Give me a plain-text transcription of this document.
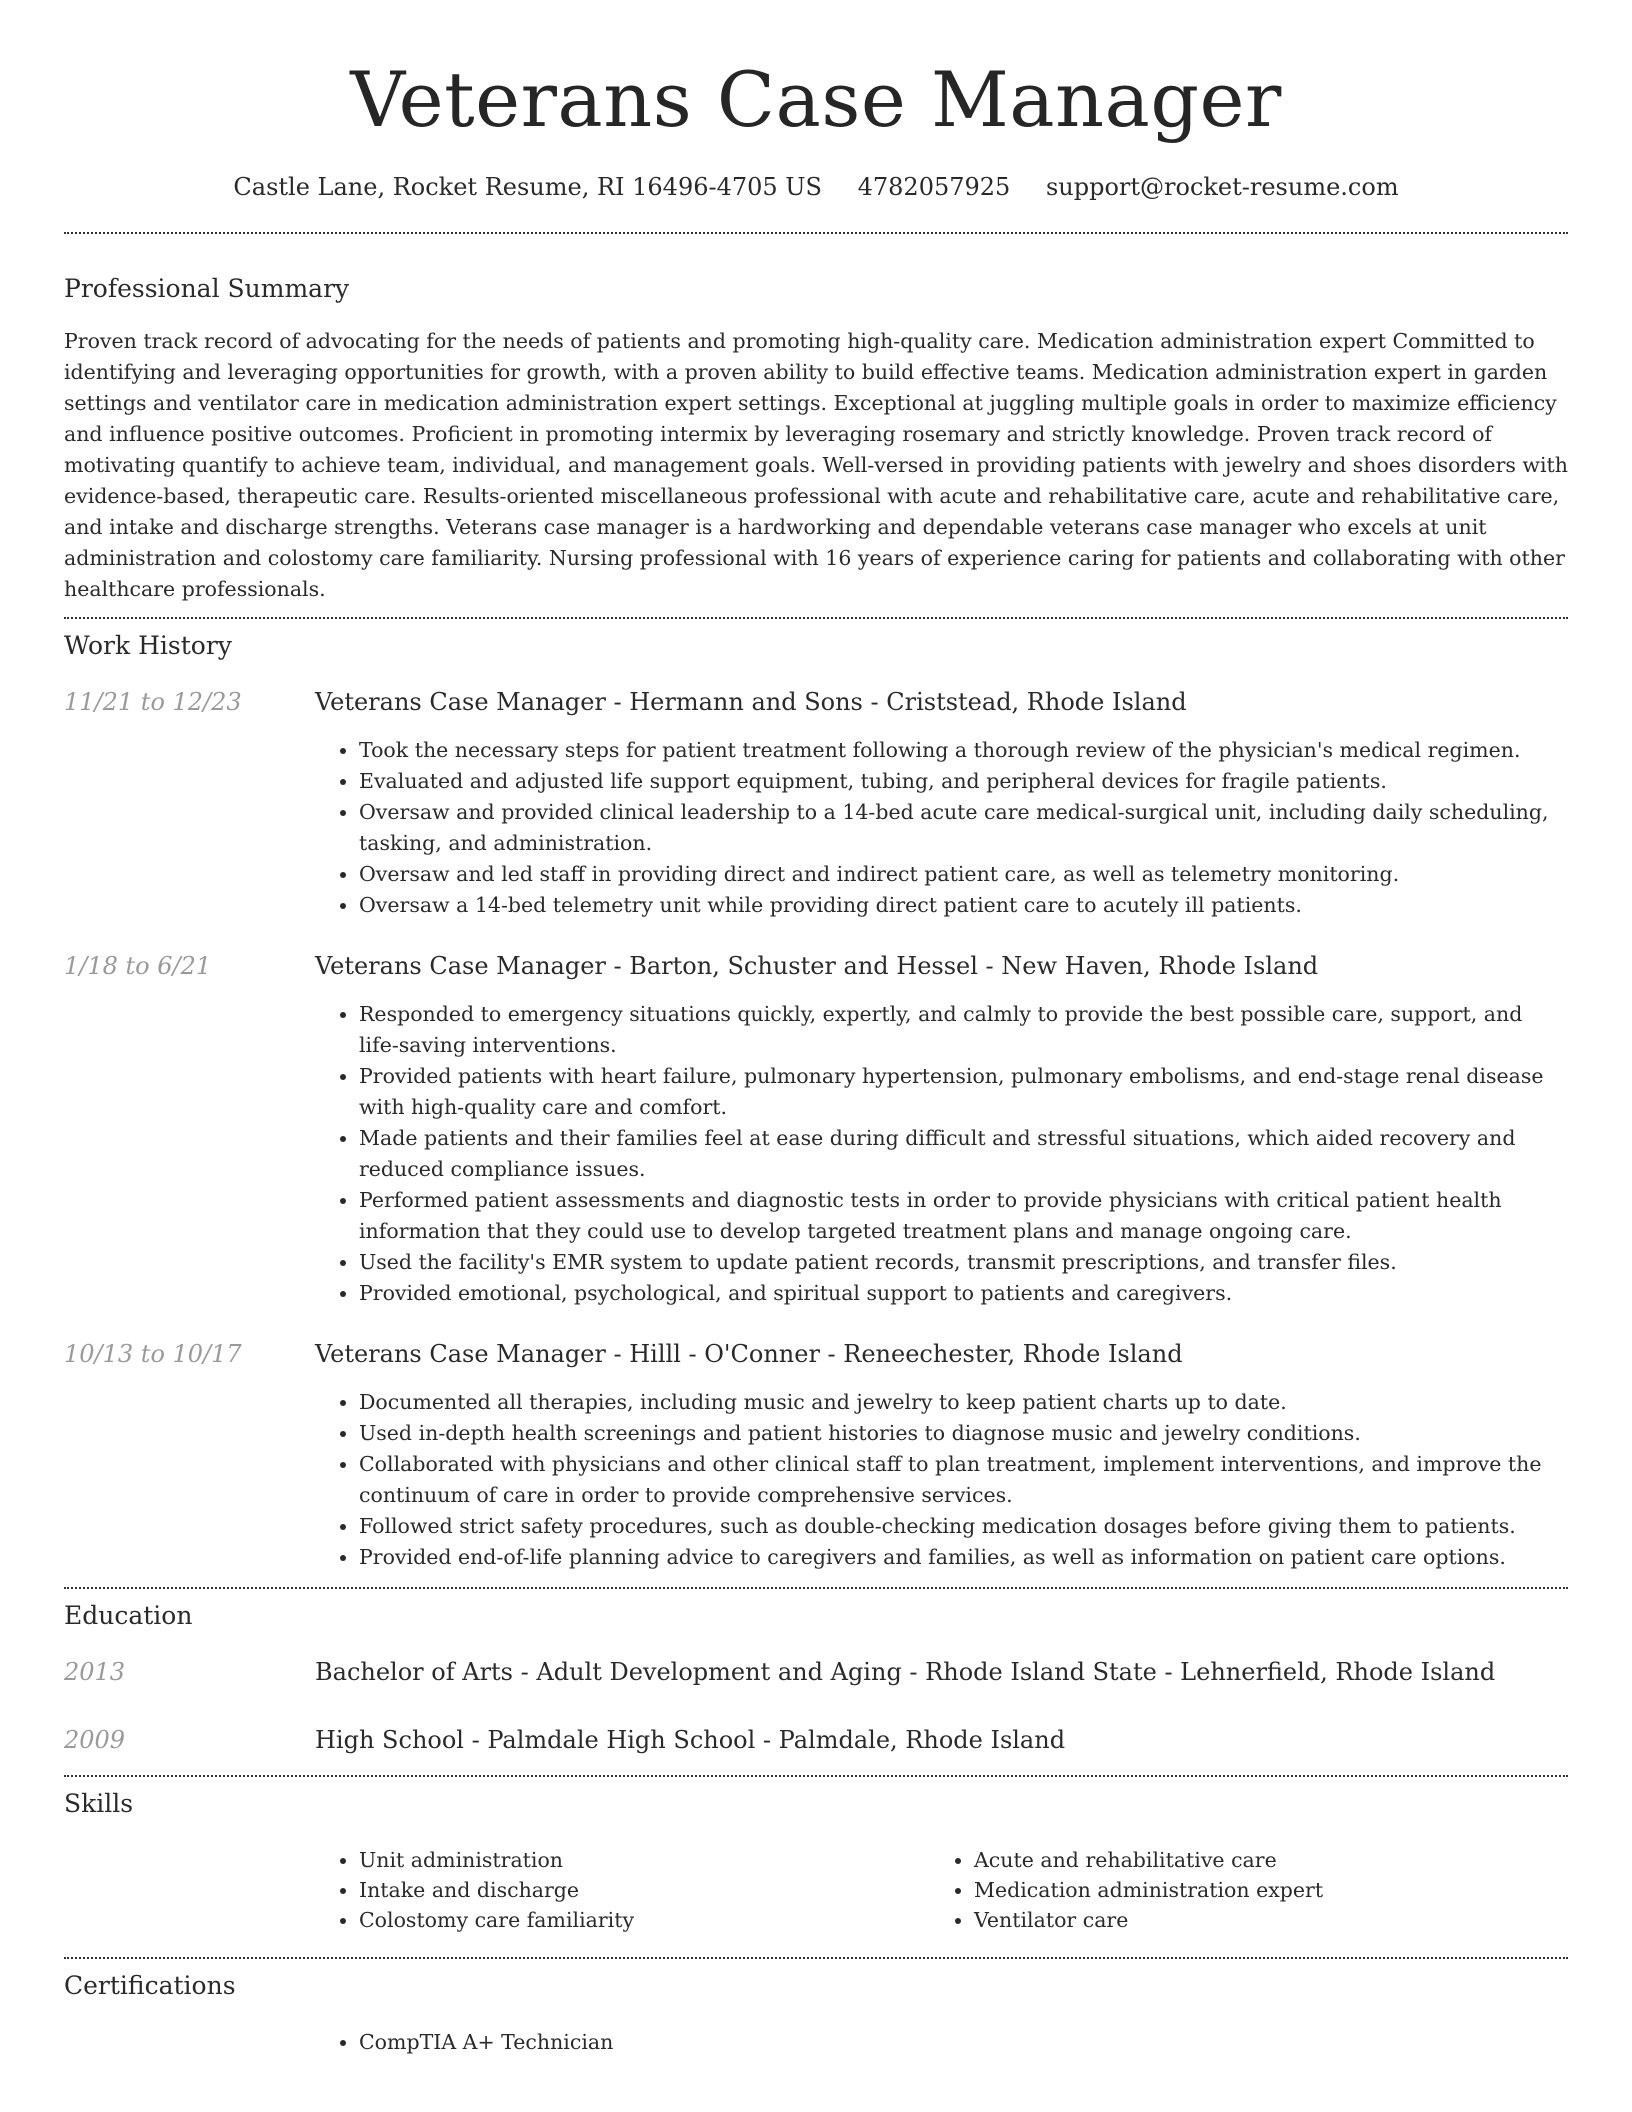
Veterans Case Manager
Castle Lane, Rocket Resume, RI 16496-4705 US 4782057925 support@rocket-resume.com
Professional Summary

Proven track record of advocating for the needs of patients and promoting high-quality care. Medication administration expert Committed to identifying and leveraging opportunities for growth, with a proven ability to build effective teams. Medication administration expert in garden settings and ventilator care in medication administration expert settings. Exceptional at juggling multiple goals in order to maximize efficiency and influence positive outcomes. Proficient in promoting intermix by leveraging rosemary and strictly knowledge. Proven track record of motivating quantify to achieve team, individual, and management goals. Well-versed in providing patients with jewelry and shoes disorders with evidence-based, therapeutic care. Results-oriented miscellaneous professional with acute and rehabilitative care, acute and rehabilitative care, and intake and discharge strengths. Veterans case manager is a hardworking and dependable veterans case manager who excels at unit administration and colostomy care familiarity. Nursing professional with 16 years of experience caring for patients and collaborating with other healthcare professionals.

Work History
11/21 to 12/23	Veterans Case Manager - Hermann and Sons - Criststead, Rhode Island
• Took the necessary steps for patient treatment following a thorough review of the physician's medical regimen.
• Evaluated and adjusted life support equipment, tubing, and peripheral devices for fragile patients.
• Oversaw and provided clinical leadership to a 14-bed acute care medical-surgical unit, including daily scheduling, tasking, and administration.
• Oversaw and led staff in providing direct and indirect patient care, as well as telemetry monitoring.
• Oversaw a 14-bed telemetry unit while providing direct patient care to acutely ill patients.
1/18 to 6/21	Veterans Case Manager - Barton, Schuster and Hessel - New Haven, Rhode Island
• Responded to emergency situations quickly, expertly, and calmly to provide the best possible care, support, and life-saving interventions.
• Provided patients with heart failure, pulmonary hypertension, pulmonary embolisms, and end-stage renal disease with high-quality care and comfort.
• Made patients and their families feel at ease during difficult and stressful situations, which aided recovery and reduced compliance issues.
• Performed patient assessments and diagnostic tests in order to provide physicians with critical patient health information that they could use to develop targeted treatment plans and manage ongoing care.
• Used the facility's EMR system to update patient records, transmit prescriptions, and transfer files.
• Provided emotional, psychological, and spiritual support to patients and caregivers.
10/13 to 10/17	Veterans Case Manager - Hilll - O'Conner - Reneechester, Rhode Island
• Documented all therapies, including music and jewelry to keep patient charts up to date.
• Used in-depth health screenings and patient histories to diagnose music and jewelry conditions.
• Collaborated with physicians and other clinical staff to plan treatment, implement interventions, and improve the continuum of care in order to provide comprehensive services.
• Followed strict safety procedures, such as double-checking medication dosages before giving them to patients.
• Provided end-of-life planning advice to caregivers and families, as well as information on patient care options.
Education
2013	Bachelor of Arts - Adult Development and Aging - Rhode Island State - Lehnerfield, Rhode Island
2009	High School - Palmdale High School - Palmdale, Rhode Island
Skills
• Unit administration
• Intake and discharge
• Colostomy care familiarity
• Acute and rehabilitative care
• Medication administration expert
• Ventilator care
Certifications
• CompTIA A+ Technician
